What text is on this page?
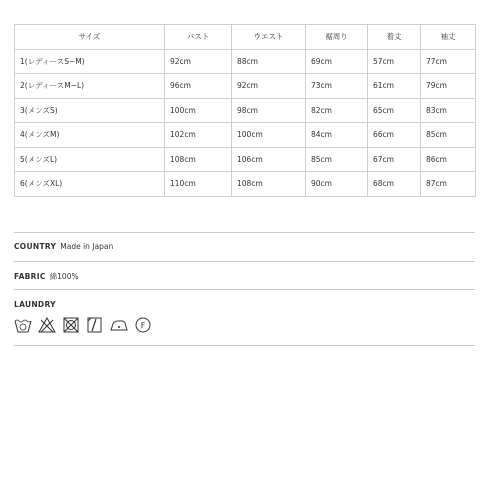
サイズ	バスト	ウエスト	裾周り	着丈	袖丈
1(レディースS~M)	92cm	88cm	69cm	57cm	77cm
2(レディースM~L)	96cm	92cm	73cm	61cm	79cm
3(メンズS)	100cm	98cm	82cm	65cm	83cm
4(メンズM)	102cm	100cm	84cm	66cm	85cm
5(メンズL)	108cm	106cm	85cm	67cm	86cm
6(メンズXL)	110cm	108cm	90cm	68cm	87cm
COUNTRY Made in Japan
FABRIC 綿100%
LAUNDRY
F
